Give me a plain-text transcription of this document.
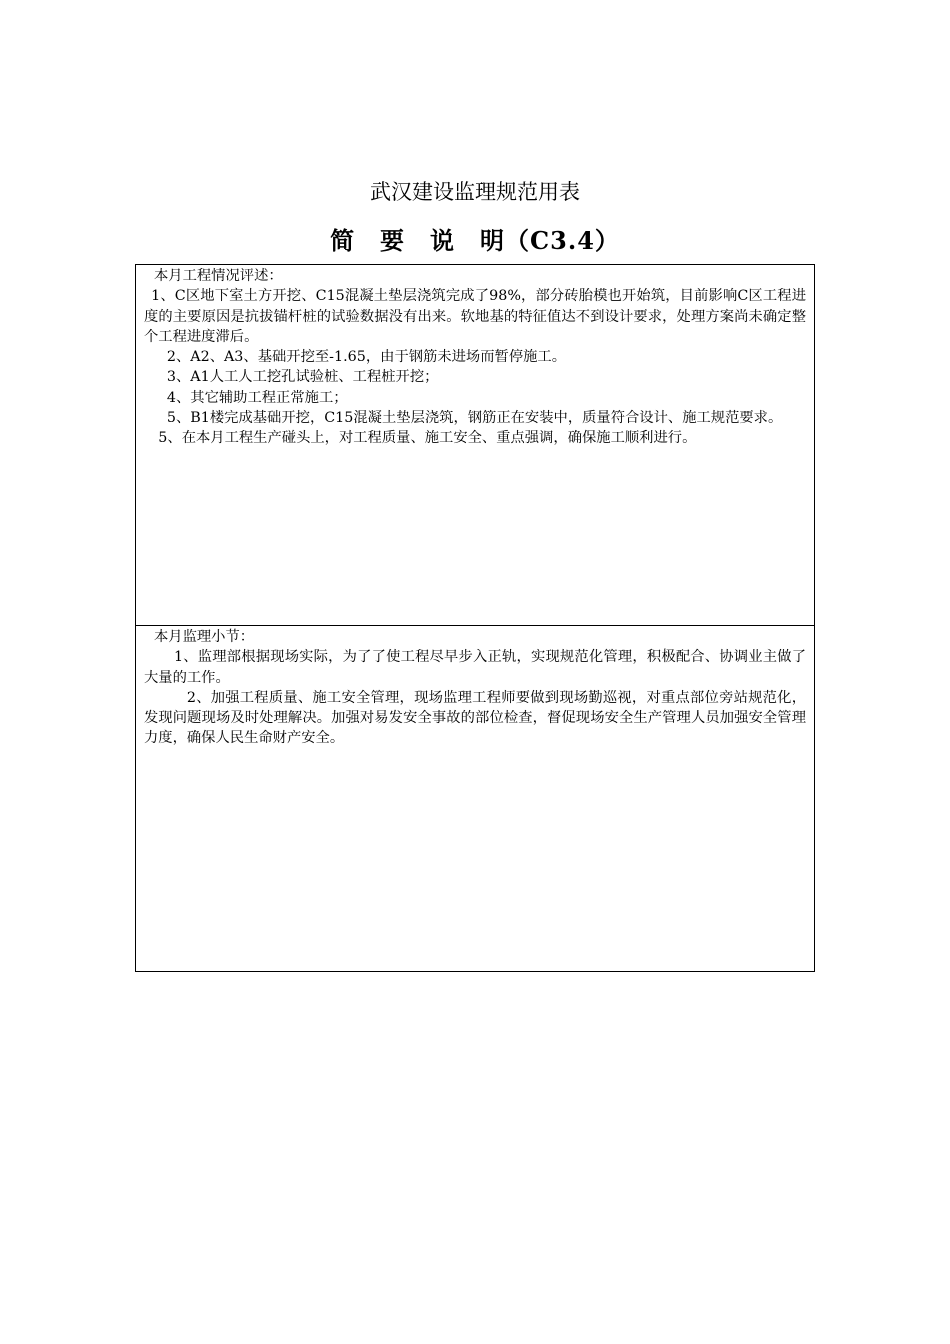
武汉建设监理规范用表
简　要　说　明（C3.4）
本月工程情况评述：

1、C区地下室土方开挖、C15混凝土垫层浇筑完成了98%，部分砖胎模也开始筑，目前影响C区工程进度的主要原因是抗拔锚杆桩的试验数据没有出来。软地基的特征值达不到设计要求，处理方案尚未确定整个工程进度滞后。

2、A2、A3、基础开挖至-1.65，由于钢筋未进场而暂停施工。

3、A1人工人工挖孔试验桩、工程桩开挖；

4、其它辅助工程正常施工；

5、B1楼完成基础开挖，C15混凝土垫层浇筑，钢筋正在安装中，质量符合设计、施工规范要求。

5、在本月工程生产碰头上，对工程质量、施工安全、重点强调，确保施工顺利进行。

本月监理小节：

1、监理部根据现场实际，为了了使工程尽早步入正轨，实现规范化管理，积极配合、协调业主做了大量的工作。

2、加强工程质量、施工安全管理，现场监理工程师要做到现场勤巡视，对重点部位旁站规范化，发现问题现场及时处理解决。加强对易发安全事故的部位检查，督促现场安全生产管理人员加强安全管理力度，确保人民生命财产安全。
